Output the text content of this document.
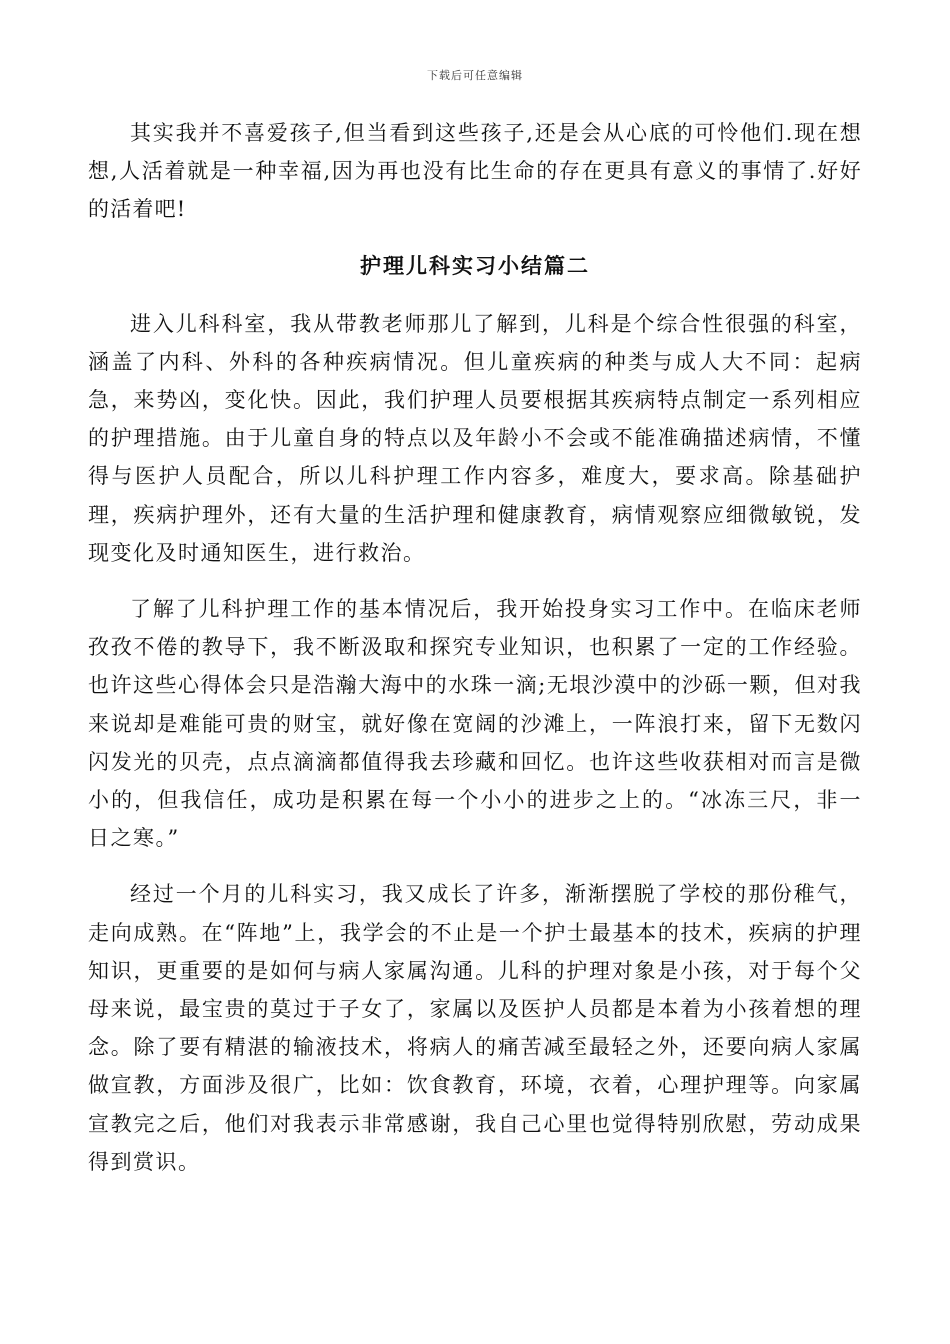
下载后可任意编辑

其实我并不喜爱孩子,但当看到这些孩子,还是会从心底的可怜他们.现在想想,人活着就是一种幸福,因为再也没有比生命的存在更具有意义的事情了.好好的活着吧!

护理儿科实习小结篇二

进入儿科科室，我从带教老师那儿了解到，儿科是个综合性很强的科室，涵盖了内科、外科的各种疾病情况。但儿童疾病的种类与成人大不同：起病急，来势凶，变化快。因此，我们护理人员要根据其疾病特点制定一系列相应的护理措施。由于儿童自身的特点以及年龄小不会或不能准确描述病情，不懂得与医护人员配合，所以儿科护理工作内容多，难度大，要求高。除基础护理，疾病护理外，还有大量的生活护理和健康教育，病情观察应细微敏锐，发现变化及时通知医生，进行救治。

了解了儿科护理工作的基本情况后，我开始投身实习工作中。在临床老师孜孜不倦的教导下，我不断汲取和探究专业知识，也积累了一定的工作经验。也许这些心得体会只是浩瀚大海中的水珠一滴;无垠沙漠中的沙砾一颗，但对我来说却是难能可贵的财宝，就好像在宽阔的沙滩上，一阵浪打来，留下无数闪闪发光的贝壳，点点滴滴都值得我去珍藏和回忆。也许这些收获相对而言是微小的，但我信任，成功是积累在每一个小小的进步之上的。“冰冻三尺，非一日之寒。”

经过一个月的儿科实习，我又成长了许多，渐渐摆脱了学校的那份稚气，走向成熟。在“阵地”上，我学会的不止是一个护士最基本的技术，疾病的护理知识，更重要的是如何与病人家属沟通。儿科的护理对象是小孩，对于每个父母来说，最宝贵的莫过于子女了，家属以及医护人员都是本着为小孩着想的理念。除了要有精湛的输液技术，将病人的痛苦减至最轻之外，还要向病人家属做宣教，方面涉及很广，比如：饮食教育，环境，衣着，心理护理等。向家属宣教完之后，他们对我表示非常感谢，我自己心里也觉得特别欣慰，劳动成果得到赏识。
